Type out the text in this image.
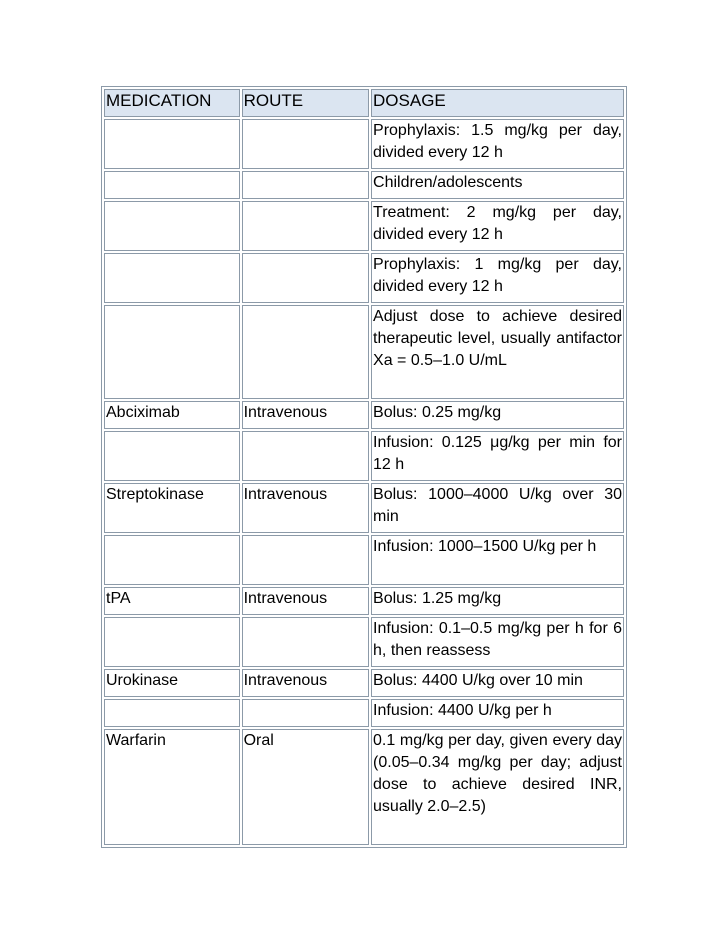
MEDICATION	ROUTE	DOSAGE
		Prophylaxis: 1.5 mg/kg per day, divided every 12 h
		Children/adolescents
		Treatment: 2 mg/kg per day, divided every 12 h
		Prophylaxis: 1 mg/kg per day, divided every 12 h
		Adjust dose to achieve desired therapeutic level, usually antifactor Xa = 0.5–1.0 U/mL
Abciximab	Intravenous	Bolus: 0.25 mg/kg
		Infusion: 0.125 μg/kg per min for 12 h
Streptokinase	Intravenous	Bolus: 1000–4000 U/kg over 30 min
		Infusion: 1000–1500 U/kg per h
tPA	Intravenous	Bolus: 1.25 mg/kg
		Infusion: 0.1–0.5 mg/kg per h for 6 h, then reassess
Urokinase	Intravenous	Bolus: 4400 U/kg over 10 min
		Infusion: 4400 U/kg per h
Warfarin	Oral	0.1 mg/kg per day, given every day (0.05–0.34 mg/kg per day; adjust dose to achieve desired INR, usually 2.0–2.5)
